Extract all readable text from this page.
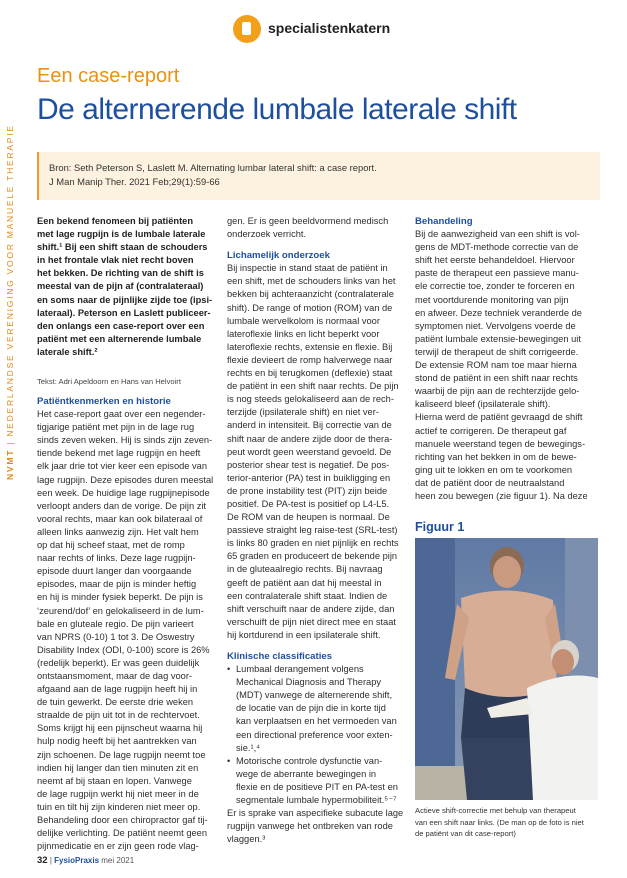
specialistenkatern
NVMT | NEDERLANDSE VERENIGING VOOR MANUELE THERAPIE
Een case-report
De alternerende lumbale laterale shift
Bron: Seth Peterson S, Laslett M. Alternating lumbar lateral shift: a case report.
J Man Manip Ther. 2021 Feb;29(1):59-66
Een bekend fenomeen bij patiënten
met lage rugpijn is de lumbale laterale
shift.¹ Bij een shift staan de schouders
in het frontale vlak niet recht boven
het bekken. De richting van de shift is
meestal van de pijn af (contralateraal)
en soms naar de pijnlijke zijde toe (ipsi-
lateraal). Peterson en Laslett publiceer-
den onlangs een case-report over een
patiënt met een alternerende lumbale
laterale shift.²
Tekst: Adri Apeldoorn en Hans van Helvoirt
Patiëntkenmerken en historie
Het case-report gaat over een negender-
tigjarige patiënt met pijn in de lage rug
sinds zeven weken. Hij is sinds zijn zeven-
tiende bekend met lage rugpijn en heeft
elk jaar drie tot vier keer een episode van
lage rugpijn. Deze episodes duren meestal
een week. De huidige lage rugpijnepisode
verloopt anders dan de vorige. De pijn zit
vooral rechts, maar kan ook bilateraal of
alleen links aanwezig zijn. Het valt hem
op dat hij scheef staat, met de romp
naar rechts of links. Deze lage rugpijn-
episode duurt langer dan voorgaande
episodes, maar de pijn is minder heftig
en hij is minder fysiek beperkt. De pijn is
‘zeurend/dof’ en gelokaliseerd in de lum-
bale en gluteale regio. De pijn varieert
van NPRS (0-10) 1 tot 3. De Oswestry
Disability Index (ODI, 0-100) score is 26%
(redelijk beperkt). Er was geen duidelijk
ontstaansmoment, maar de dag voor-
afgaand aan de lage rugpijn heeft hij in
de tuin gewerkt. De eerste drie weken
straalde de pijn uit tot in de rechtervoet.
Soms krijgt hij een pijnscheut waarna hij
hulp nodig heeft bij het aantrekken van
zijn schoenen. De lage rugpijn neemt toe
indien hij langer dan tien minuten zit en
neemt af bij staan en lopen. Vanwege
de lage rugpijn werkt hij niet meer in de
tuin en tilt hij zijn kinderen niet meer op.
Behandeling door een chiropractor gaf tij-
delijke verlichting. De patiënt neemt geen
pijnmedicatie en er zijn geen rode vlag-
gen. Er is geen beeldvormend medisch
onderzoek verricht.
Lichamelijk onderzoek
Bij inspectie in stand staat de patiënt in
een shift, met de schouders links van het
bekken bij achteraanzicht (contralaterale
shift). De range of motion (ROM) van de
lumbale wervelkolom is normaal voor
lateroflexie links en licht beperkt voor
lateroflexie rechts, extensie en flexie. Bij
flexie devieert de romp halverwege naar
rechts en bij terugkomen (deflexie) staat
de patiënt in een shift naar rechts. De pijn
is nog steeds gelokaliseerd aan de rech-
terzijde (ipsilaterale shift) en niet ver-
anderd in intensiteit. Bij correctie van de
shift naar de andere zijde door de thera-
peut wordt geen weerstand gevoeld. De
posterior shear test is negatief. De pos-
terior-anterior (PA) test in buikligging en
de prone instability test (PIT) zijn beide
positief. De PA-test is positief op L4-L5.
De ROM van de heupen is normaal. De
passieve straight leg raise-test (SRL-test)
is links 80 graden en niet pijnlijk en rechts
65 graden en produceert de bekende pijn
in de gluteaalregio rechts. Bij navraag
geeft de patiënt aan dat hij meestal in
een contralaterale shift staat. Indien de
shift verschuift naar de andere zijde, dan
verschuift de pijn niet direct mee en staat
hij kortdurend in een ipsilaterale shift.
Klinische classificaties
• Lumbaal derangement volgens
Mechanical Diagnosis and Therapy
(MDT) vanwege de alternerende shift,
de locatie van de pijn die in korte tijd
kan verplaatsen en het vermoeden van
een directional preference voor exten-
sie.¹,⁴
• Motorische controle dysfunctie van-
wege de aberrante bewegingen in
flexie en de positieve PIT en PA-test en
segmentale lumbale hypermobiliteit.⁵⁻⁷
Er is sprake van aspecifieke subacute lage
rugpijn vanwege het ontbreken van rode
vlaggen.³
Behandeling
Bij de aanwezigheid van een shift is vol-
gens de MDT-methode correctie van de
shift het eerste behandeldoel. Hiervoor
paste de therapeut een passieve manu-
ele correctie toe, zonder te forceren en
met voortdurende monitoring van pijn
en afweer. Deze techniek veranderde de
symptomen niet. Vervolgens voerde de
patiënt lumbale extensie-bewegingen uit
terwijl de therapeut de shift corrigeerde.
De extensie ROM nam toe maar hierna
stond de patiënt in een shift naar rechts
waarbij de pijn aan de rechterzijde gelo-
kaliseerd bleef (ipsilaterale shift).
Hierna werd de patiënt gevraagd de shift
actief te corrigeren. De therapeut gaf
manuele weerstand tegen de bewegings-
richting van het bekken in om de bewe-
ging uit te lokken en om te voorkomen
dat de patiënt door de neutraalstand
heen zou bewegen (zie figuur 1). Na deze
Figuur 1
Actieve shift-correctie met behulp van therapeut
van een shift naar links. (De man op de foto is niet
de patiënt van dit case-report)
32 | FysioPraxis mei 2021
